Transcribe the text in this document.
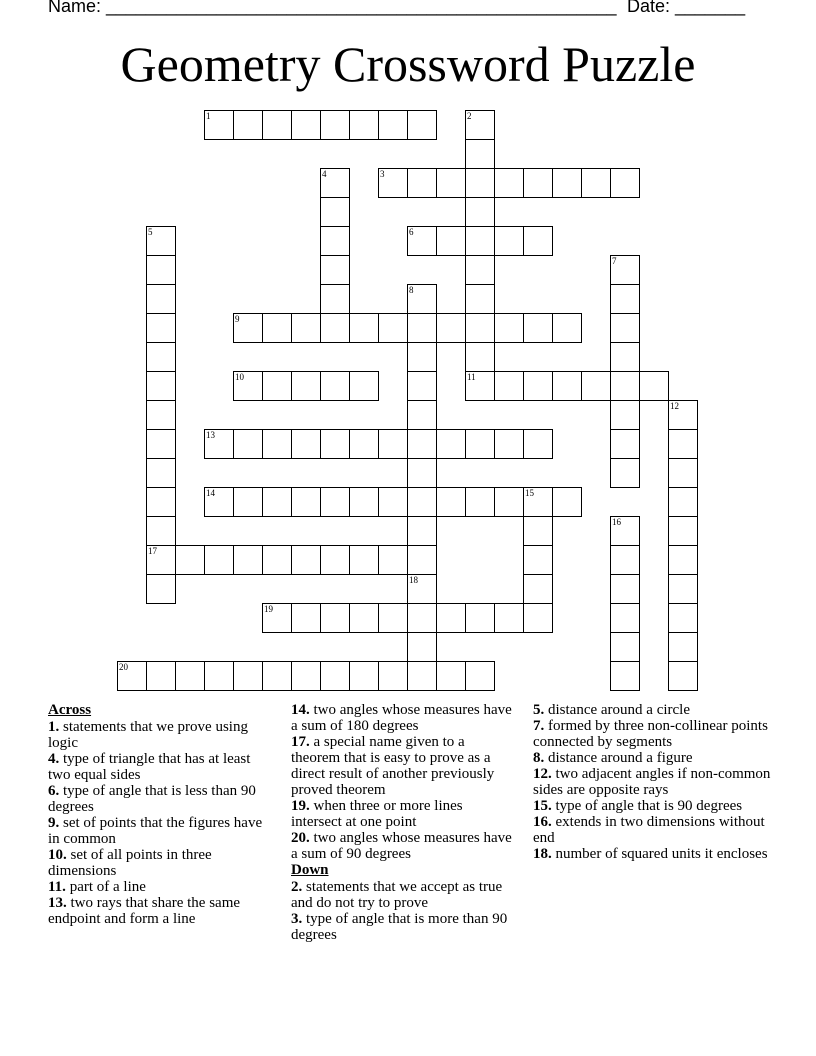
Name: ___________________________________________________ Date: _______
Geometry Crossword Puzzle
1	2
3
4
5	6
7
8
9
10	11
12
13
14	15
16
17
18
19
20
Across
1. statements that we prove using logic
4. type of triangle that has at least two equal sides
6. type of angle that is less than 90 degrees
9. set of points that the figures have in common
10. set of all points in three dimensions
11. part of a line
13. two rays that share the same endpoint and form a line
14. two angles whose measures have a sum of 180 degrees
17. a special name given to a theorem that is easy to prove as a direct result of another previously proved theorem
19. when three or more lines intersect at one point
20. two angles whose measures have a sum of 90 degrees
Down
2. statements that we accept as true and do not try to prove
3. type of angle that is more than 90 degrees
5. distance around a circle
7. formed by three non-collinear points connected by segments
8. distance around a figure
12. two adjacent angles if non-common sides are opposite rays
15. type of angle that is 90 degrees
16. extends in two dimensions without end
18. number of squared units it encloses
